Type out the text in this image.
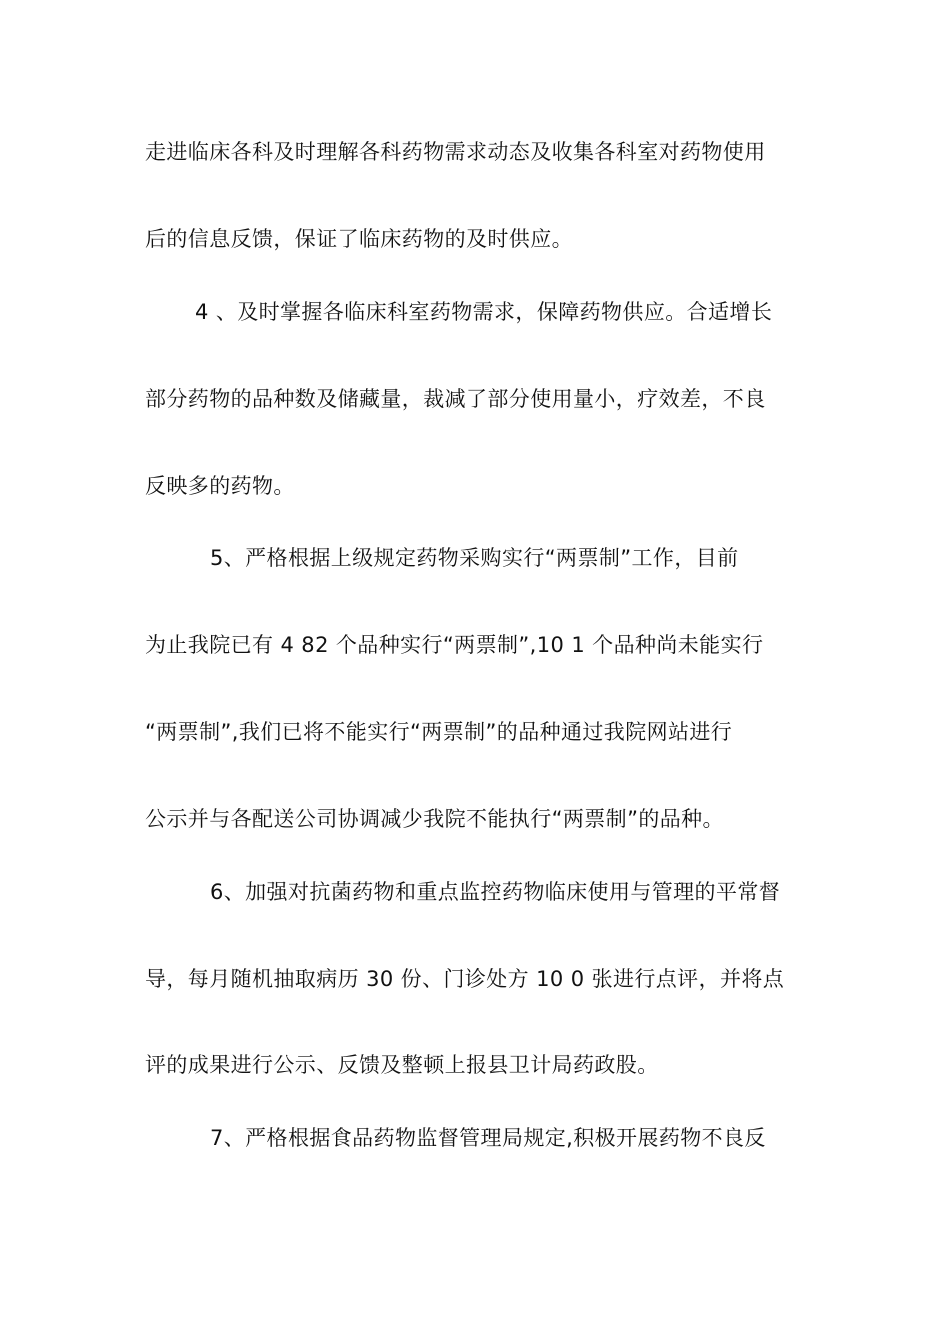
走进临床各科及时理解各科药物需求动态及收集各科室对药物使用
后的信息反馈，保证了临床药物的及时供应。
4 、及时掌握各临床科室药物需求，保障药物供应。合适增长
部分药物的品种数及储藏量，裁减了部分使用量小，疗效差，不良
反映多的药物。
5、严格根据上级规定药物采购实行“两票制”工作，目前
为止我院已有 4 82 个品种实行“两票制”,10 1 个品种尚未能实行
“两票制”,我们已将不能实行“两票制”的品种通过我院网站进行
公示并与各配送公司协调减少我院不能执行“两票制”的品种。
6、加强对抗菌药物和重点监控药物临床使用与管理的平常督
导，每月随机抽取病历 30 份、门诊处方 10 0 张进行点评，并将点
评的成果进行公示、反馈及整顿上报县卫计局药政股。
7、严格根据食品药物监督管理局规定,积极开展药物不良反
